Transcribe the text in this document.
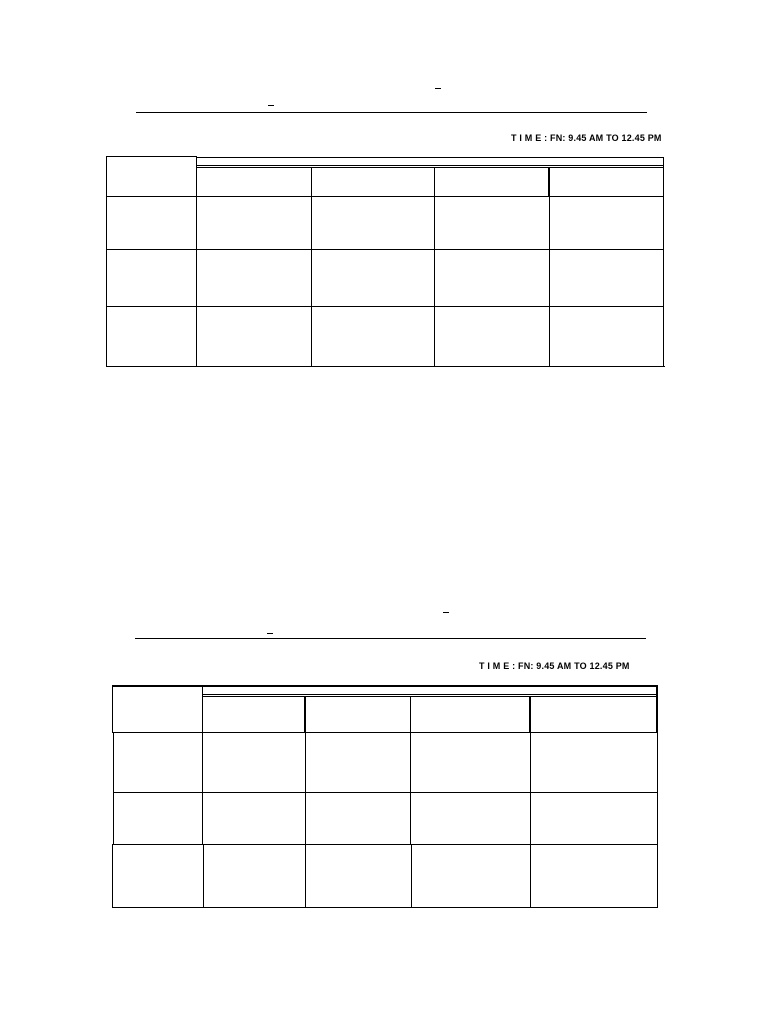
T I M E : FN: 9.45 AM TO 12.45 PM
T I M E : FN: 9.45 AM TO 12.45 PM
